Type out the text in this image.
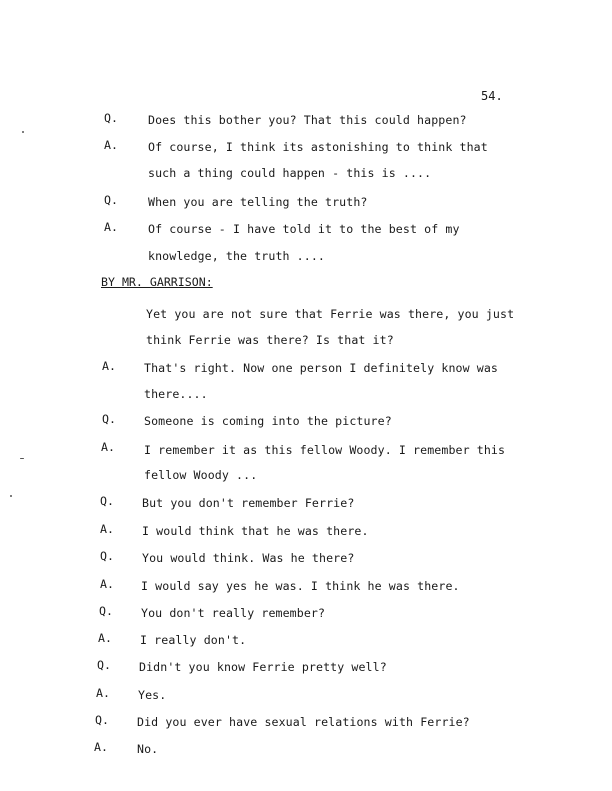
54.
Q.	Does this bother you? That this could happen?
A.	Of course, I think its astonishing to think that
such a thing could happen - this is ....
Q.	When you are telling the truth?
A.	Of course - I have told it to the best of my
knowledge, the truth ....
BY MR. GARRISON:
Yet you are not sure that Ferrie was there, you just
think Ferrie was there? Is that it?
A. That's right. Now one person I definitely know was
there....
Q. Someone is coming into the picture?
A.	I remember it as this fellow Woody. I remember this
fellow Woody ...
Q. But you don't remember Ferrie?
A. I would think that he was there.
Q. You would think. Was he there?
A. I would say yes he was. I think he was there.
Q. You don't really remember?
A. I really don't.
Q. Didn't you know Ferrie pretty well?
A. Yes.
Q. Did you ever have sexual relations with Ferrie?
A.	No.
